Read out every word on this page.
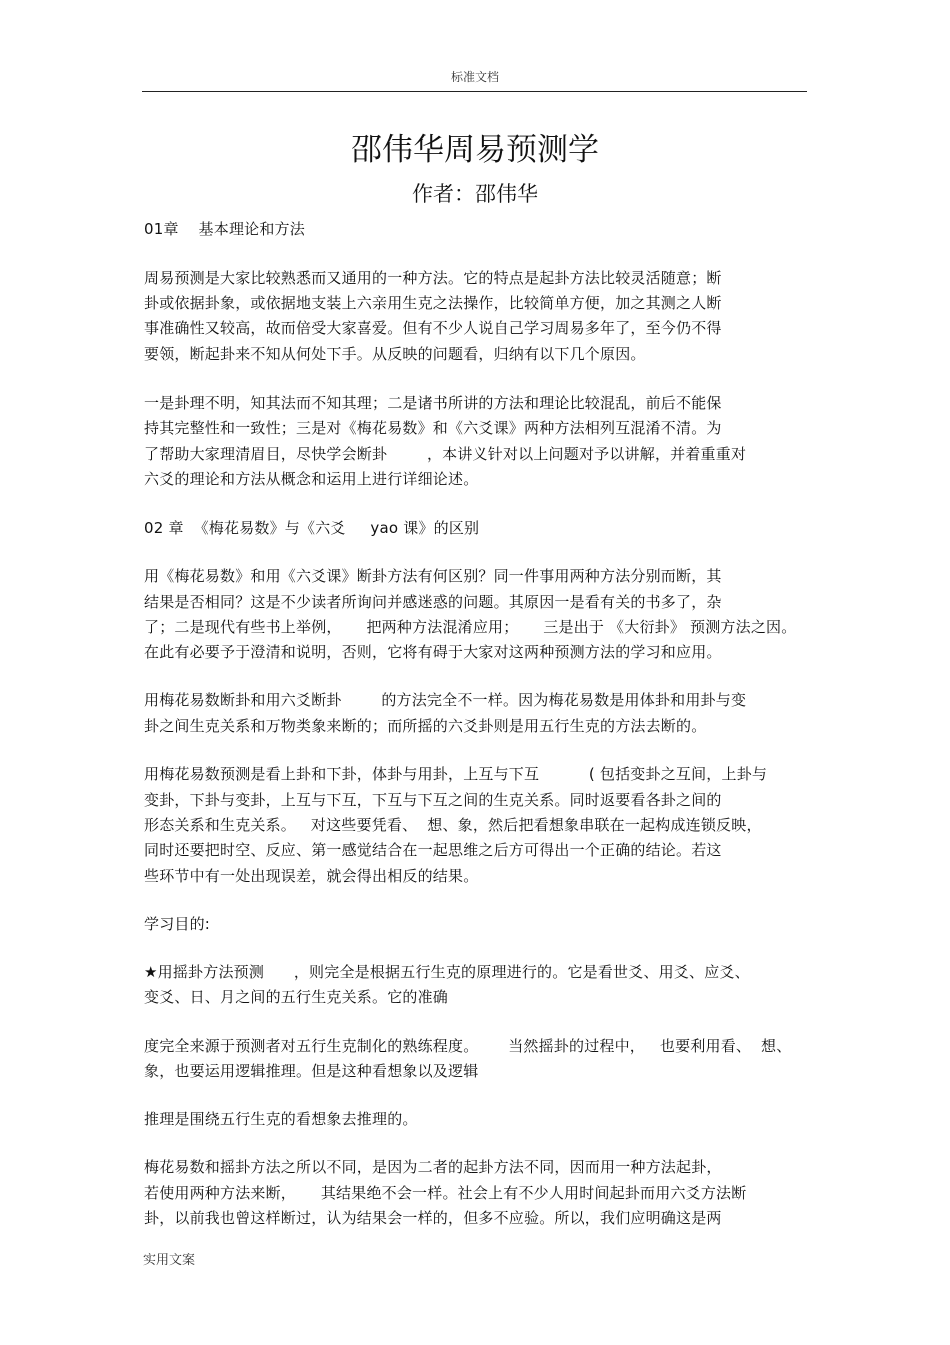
标准文档
邵伟华周易预测学
作者：邵伟华
01章    基本理论和方法
周易预测是大家比较熟悉而又通用的一种方法。它的特点是起卦方法比较灵活随意；断
卦或依据卦象，或依据地支装上六亲用生克之法操作，比较简单方便，加之其测之人断
事准确性又较高，故而倍受大家喜爱。但有不少人说自己学习周易多年了，至今仍不得
要领，断起卦来不知从何处下手。从反映的问题看，归纳有以下几个原因。
一是卦理不明，知其法而不知其理；二是诸书所讲的方法和理论比较混乱，前后不能保
持其完整性和一致性；三是对《梅花易数》和《六爻课》两种方法相列互混淆不清。为
了帮助大家理清眉目，尽快学会断卦        ，本讲义针对以上问题对予以讲解，并着重重对
六爻的理论和方法从概念和运用上进行详细论述。
02 章  《梅花易数》与《六爻     yao 课》的区别
用《梅花易数》和用《六爻课》断卦方法有何区别？同一件事用两种方法分别而断，其
结果是否相同？这是不少读者所询问并感迷惑的问题。其原因一是看有关的书多了，杂
了；二是现代有些书上举例，     把两种方法混淆应用；     三是出于 《大衍卦》 预测方法之因。
在此有必要予于澄清和说明，否则，它将有碍于大家对这两种预测方法的学习和应用。
用梅花易数断卦和用六爻断卦        的方法完全不一样。因为梅花易数是用体卦和用卦与变
卦之间生克关系和万物类象来断的；而所摇的六爻卦则是用五行生克的方法去断的。
用梅花易数预测是看上卦和下卦，体卦与用卦，上互与下互          ( 包括变卦之互间，上卦与
变卦，下卦与变卦，上互与下互，下互与下互之间的生克关系。同时返要看各卦之间的
形态关系和生克关系。   对这些要凭看、  想、象，然后把看想象串联在一起构成连锁反映，
同时还要把时空、反应、第一感觉结合在一起思维之后方可得出一个正确的结论。若这
些环节中有一处出现误差，就会得出相反的结果。
学习目的:
★用摇卦方法预测      ，则完全是根据五行生克的原理进行的。它是看世爻、用爻、应爻、
变爻、日、月之间的五行生克关系。它的准确
度完全来源于预测者对五行生克制化的熟练程度。      当然摇卦的过程中，   也要利用看、  想、
象，也要运用逻辑推理。但是这种看想象以及逻辑
推理是围绕五行生克的看想象去推理的。
梅花易数和摇卦方法之所以不同，是因为二者的起卦方法不同，因而用一种方法起卦，
若使用两种方法来断，     其结果绝不会一样。社会上有不少人用时间起卦而用六爻方法断
卦，以前我也曾这样断过，认为结果会一样的，但多不应验。所以，我们应明确这是两
实用文案
